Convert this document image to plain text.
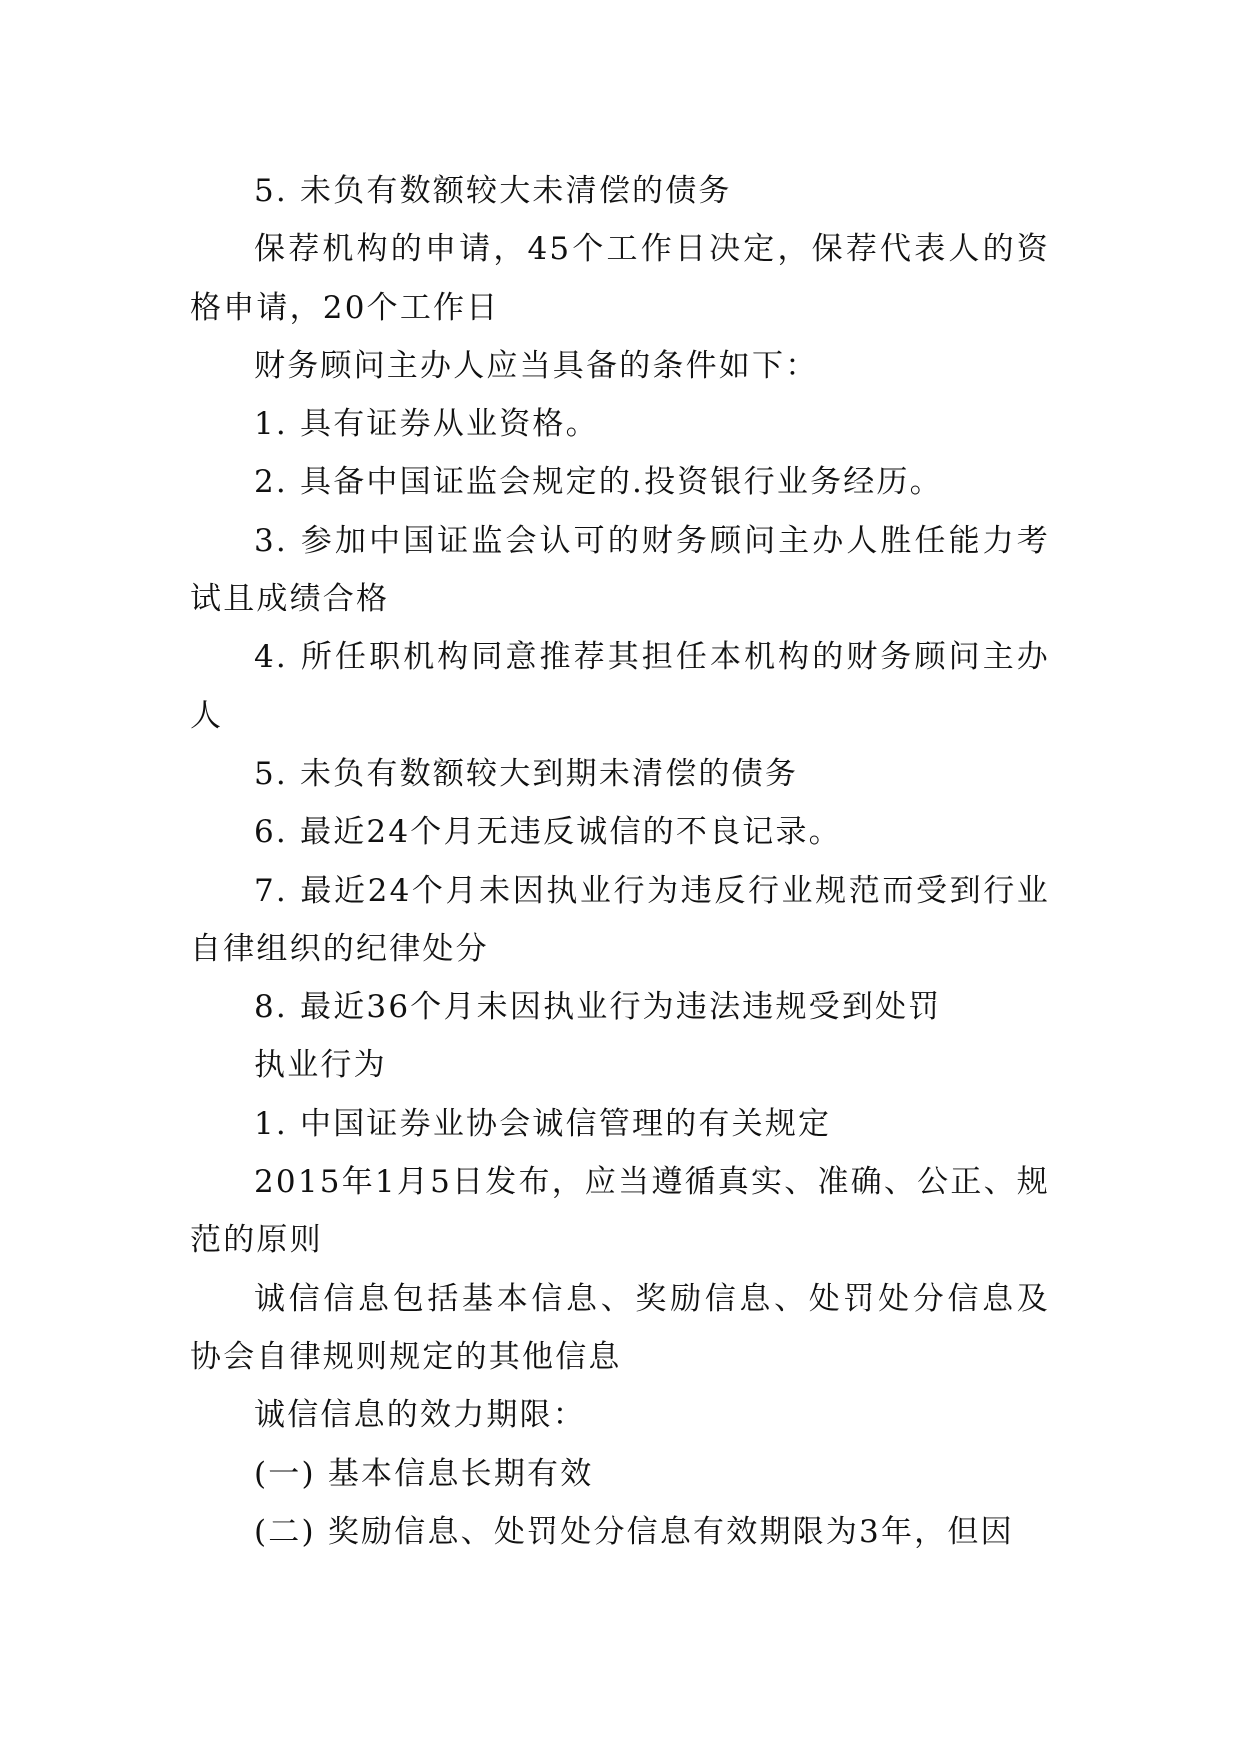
5. 未负有数额较大未清偿的债务

保荐机构的申请，45个工作日决定，保荐代表人的资格申请，20个工作日

财务顾问主办人应当具备的条件如下：

1. 具有证券从业资格。

2. 具备中国证监会规定的.投资银行业务经历。

3. 参加中国证监会认可的财务顾问主办人胜任能力考试且成绩合格

4. 所任职机构同意推荐其担任本机构的财务顾问主办人

5. 未负有数额较大到期未清偿的债务

6. 最近24个月无违反诚信的不良记录。

7. 最近24个月未因执业行为违反行业规范而受到行业自律组织的纪律处分

8. 最近36个月未因执业行为违法违规受到处罚

执业行为

1. 中国证券业协会诚信管理的有关规定

2015年1月5日发布，应当遵循真实、准确、公正、规范的原则

诚信信息包括基本信息、奖励信息、处罚处分信息及协会自律规则规定的其他信息

诚信信息的效力期限：

(一) 基本信息长期有效

(二) 奖励信息、处罚处分信息有效期限为3年，但因
